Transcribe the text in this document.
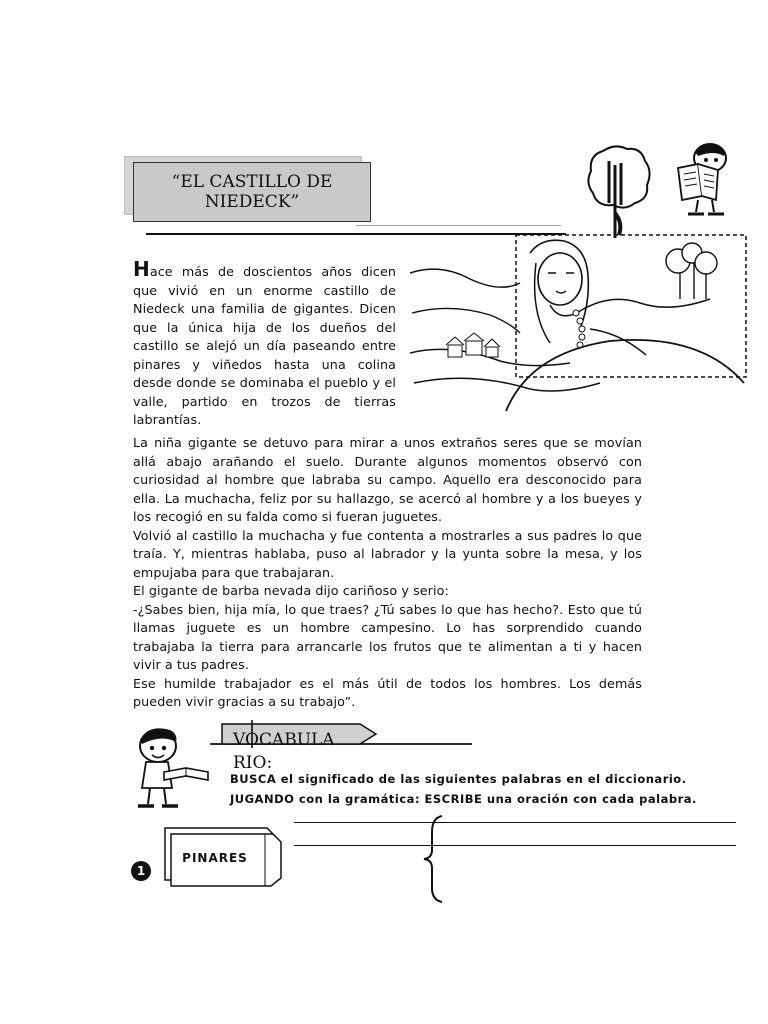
“EL CASTILLO DE
NIEDECK”

Hace más de doscientos años dicen que vivió en un enorme castillo de Niedeck una familia de gigantes. Dicen que la única hija de los dueños del castillo se alejó un día paseando entre pinares y viñedos hasta una colina desde donde se dominaba el pueblo y el valle, partido en trozos de tierras labrantías.

La niña gigante se detuvo para mirar a unos extraños seres que se movían allá abajo arañando el suelo. Durante algunos momentos observó con curiosidad al hombre que labraba su campo. Aquello era desconocido para ella. La muchacha, feliz por su hallazgo, se acercó al hombre y a los bueyes y los recogió en su falda como si fueran juguetes.

Volvió al castillo la muchacha y fue contenta a mostrarles a sus padres lo que traía. Y, mientras hablaba, puso al labrador y la yunta sobre la mesa, y los empujaba para que trabajaran.

El gigante de barba nevada dijo cariñoso y serio:

-¿Sabes bien, hija mía, lo que traes? ¿Tú sabes lo que has hecho?. Esto que tú llamas juguete es un hombre campesino. Lo has sorprendido cuando trabajaba la tierra para arrancarle los frutos que te alimentan a ti y hacen vivir a tus padres.

Ese humilde trabajador es el más útil de todos los hombres. Los demás pueden vivir gracias a su trabajo”.

VOCABULA
RIO:
BUSCA el significado de las siguientes palabras en el diccionario.
JUGANDO con la gramática: ESCRIBE una oración con cada palabra.
PINARES
1
